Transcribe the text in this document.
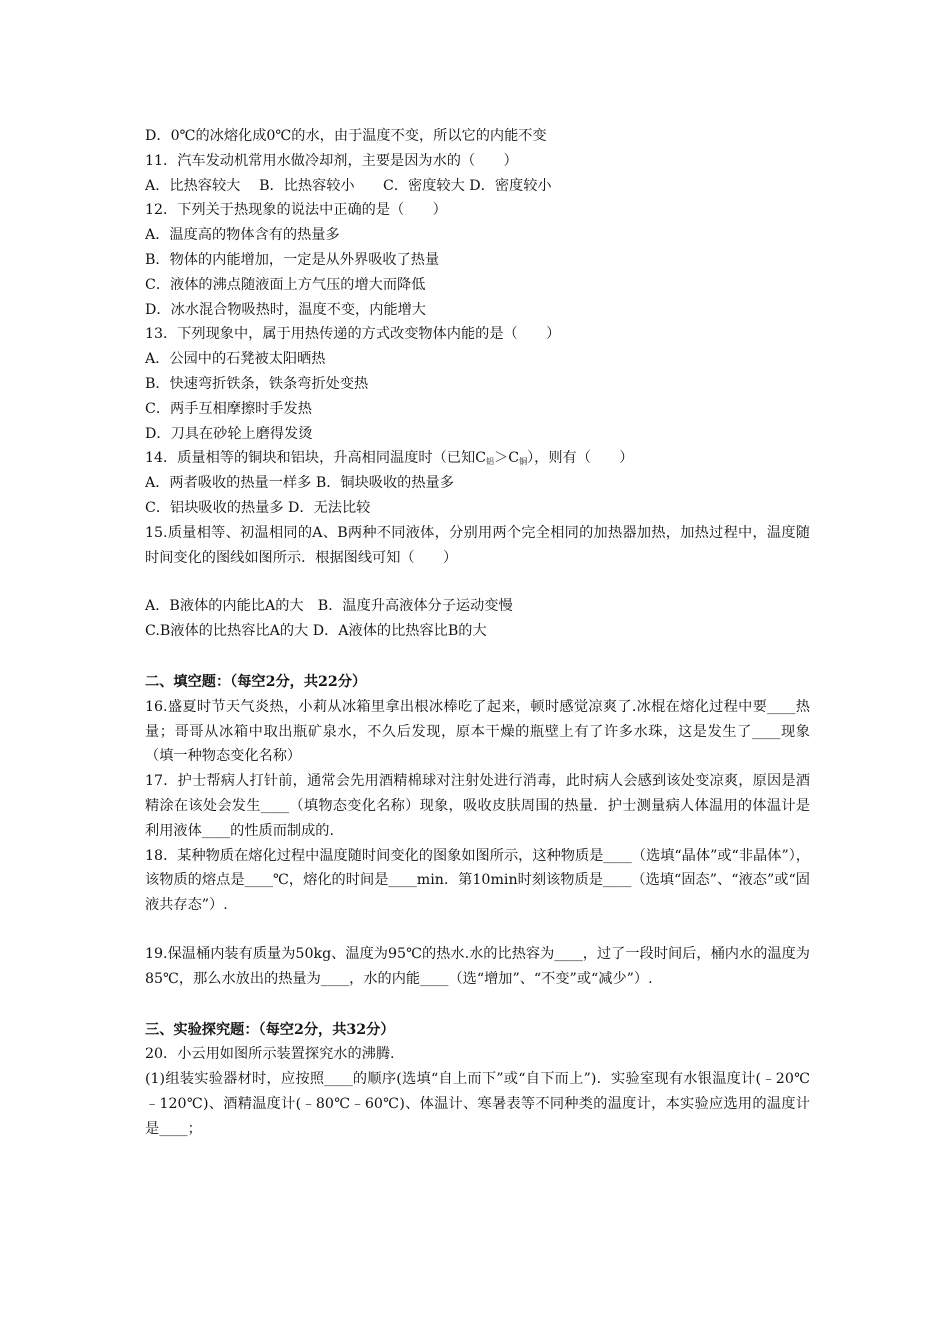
D．0℃的冰熔化成0℃的水，由于温度不变，所以它的内能不变
11．汽车发动机常用水做冷却剂，主要是因为水的（　　）
A．比热容较大　 B．比热容较小　　C．密度较大 D．密度较小
12．下列关于热现象的说法中正确的是（　　）
A．温度高的物体含有的热量多
B．物体的内能增加，一定是从外界吸收了热量
C．液体的沸点随液面上方气压的增大而降低
D．冰水混合物吸热时，温度不变，内能增大
13．下列现象中，属于用热传递的方式改变物体内能的是（　　）
A．公园中的石凳被太阳晒热
B．快速弯折铁条，铁条弯折处变热
C．两手互相摩擦时手发热
D．刀具在砂轮上磨得发烫
14．质量相等的铜块和铝块，升高相同温度时（已知$C_铝>C_铜$），则有（　　）
A．两者吸收的热量一样多 B．铜块吸收的热量多
C．铝块吸收的热量多 D．无法比较
15.质量相等、初温相同的A、B两种不同液体，分别用两个完全相同的加热器加热，加热过程中，温度随时间变化的图线如图所示．根据图线可知（　　）
A．B液体的内能比A的大　B．温度升高液体分子运动变慢
C.B液体的比热容比A的大 D．A液体的比热容比B的大
二、填空题：（每空2分，共22分）
16.盛夏时节天气炎热，小莉从冰箱里拿出根冰棒吃了起来，顿时感觉凉爽了.冰棍在熔化过程中要____热量；哥哥从冰箱中取出瓶矿泉水，不久后发现，原本干燥的瓶壁上有了许多水珠，这是发生了____现象（填一种物态变化名称）
17．护士帮病人打针前，通常会先用酒精棉球对注射处进行消毒，此时病人会感到该处变凉爽，原因是酒精涂在该处会发生____（填物态变化名称）现象，吸收皮肤周围的热量．护士测量病人体温用的体温计是利用液体____的性质而制成的.
18．某种物质在熔化过程中温度随时间变化的图象如图所示，这种物质是____（选填“晶体”或“非晶体”），该物质的熔点是____℃，熔化的时间是____min．第10min时刻该物质是____（选填“固态”、“液态”或“固液共存态”）.
19.保温桶内装有质量为50kg、温度为95℃的热水.水的比热容为____，过了一段时间后，桶内水的温度为85℃，那么水放出的热量为____，水的内能____（选“增加”、“不变”或“减少”）.
三、实验探究题：（每空2分，共32分）
20．小云用如图所示装置探究水的沸腾.
(1)组装实验器材时，应按照____的顺序(选填“自上而下”或“自下而上”)．实验室现有水银温度计(﹣20℃﹣120℃)、酒精温度计(﹣80℃﹣60℃)、体温计、寒暑表等不同种类的温度计，本实验应选用的温度计是____；
